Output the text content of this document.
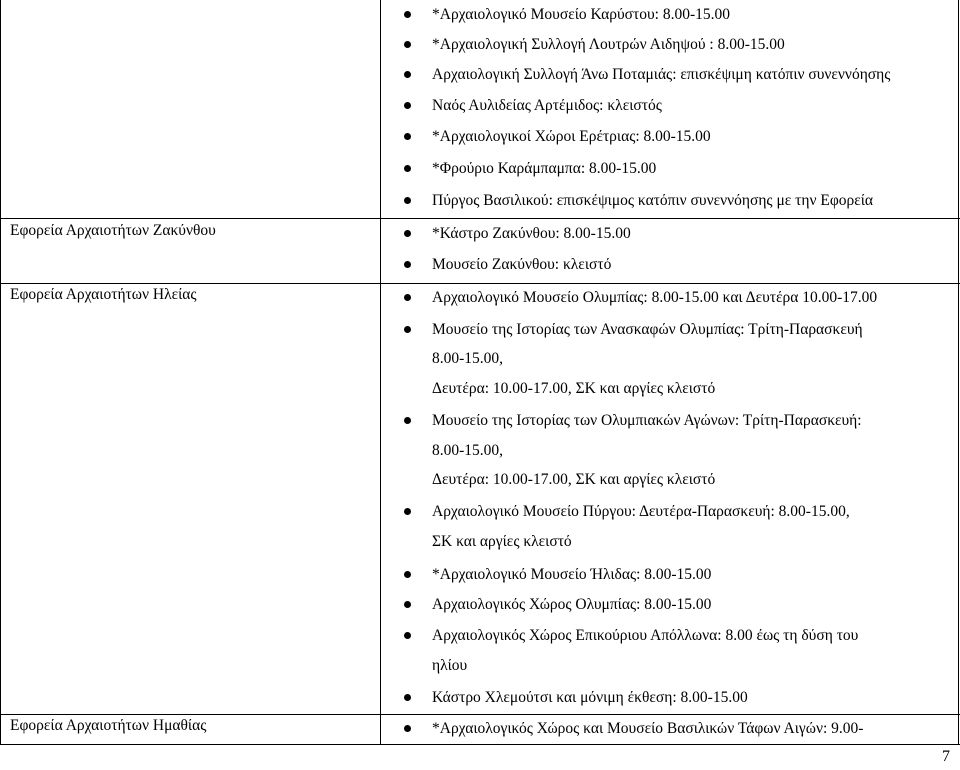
*Αρχαιολογικό Μουσείο Καρύστου: 8.00-15.00
*Αρχαιολογική Συλλογή Λουτρών Αιδηψού : 8.00-15.00
Αρχαιολογική Συλλογή Άνω Ποταμιάς: επισκέψιμη κατόπιν συνεννόησης
Ναός Αυλιδείας Αρτέμιδος: κλειστός
*Αρχαιολογικοί Χώροι Ερέτριας: 8.00-15.00
*Φρούριο Καράμπαμπα: 8.00-15.00
Πύργος Βασιλικού: επισκέψιμος κατόπιν συνεννόησης με την Εφορεία
Εφορεία Αρχαιοτήτων Ζακύνθου	*Κάστρο Ζακύνθου: 8.00-15.00
Μουσείο Ζακύνθου: κλειστό
Εφορεία Αρχαιοτήτων Ηλείας	Αρχαιολογικό Μουσείο Ολυμπίας: 8.00-15.00 και Δευτέρα 10.00-17.00
Μουσείο της Ιστορίας των Ανασκαφών Ολυμπίας: Τρίτη-Παρασκευή
8.00-15.00,
Δευτέρα: 10.00-17.00, ΣΚ και αργίες κλειστό
Μουσείο της Ιστορίας των Ολυμπιακών Αγώνων: Τρίτη-Παρασκευή:
8.00-15.00,
Δευτέρα: 10.00-17.00, ΣΚ και αργίες κλειστό
Αρχαιολογικό Μουσείο Πύργου: Δευτέρα-Παρασκευή: 8.00-15.00,
ΣΚ και αργίες κλειστό
*Αρχαιολογικό Μουσείο Ήλιδας: 8.00-15.00
Αρχαιολογικός Χώρος Ολυμπίας: 8.00-15.00
Αρχαιολογικός Χώρος Επικούριου Απόλλωνα: 8.00 έως τη δύση του
ηλίου
Κάστρο Χλεμούτσι και μόνιμη έκθεση: 8.00-15.00
Εφορεία Αρχαιοτήτων Ημαθίας	*Αρχαιολογικός Χώρος και Μουσείο Βασιλικών Τάφων Αιγών: 9.00-
7
